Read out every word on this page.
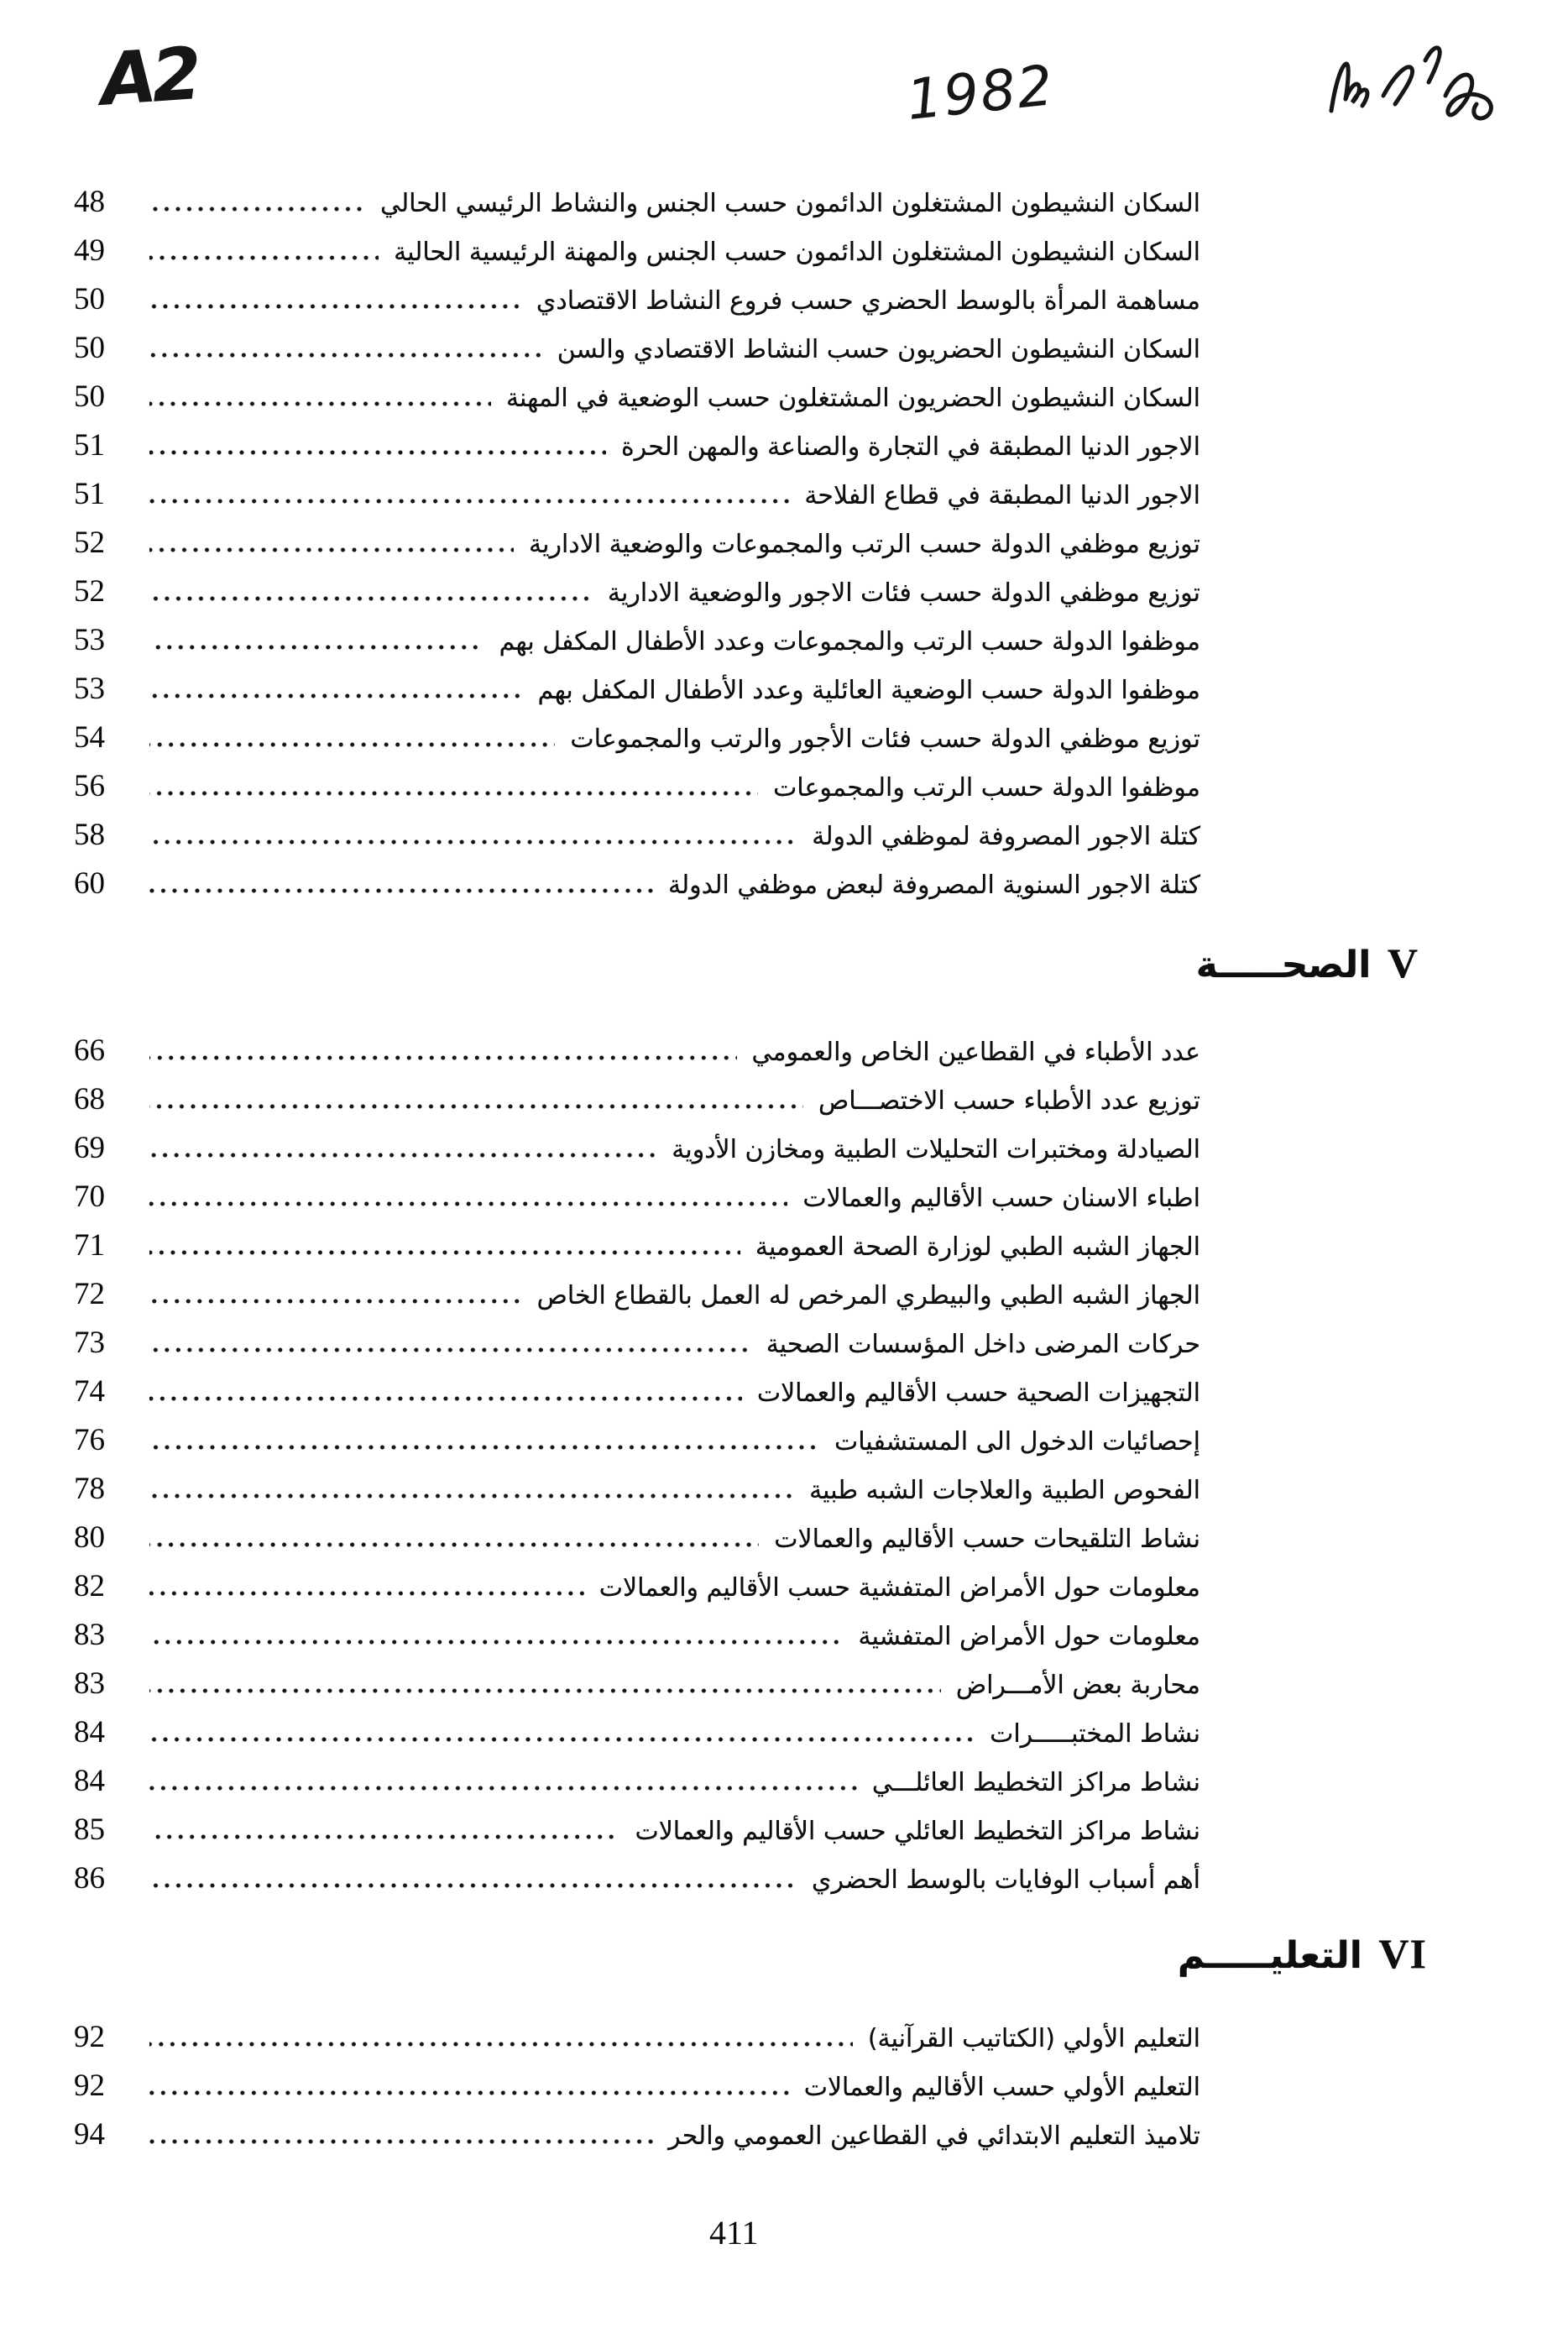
A2	1982
السكان النشيطون المشتغلون الدائمون حسب الجنس والنشاط الرئيسي الحالي
48
السكان النشيطون المشتغلون الدائمون حسب الجنس والمهنة الرئيسية الحالية
49
مساهمة المرأة بالوسط الحضري حسب فروع النشاط الاقتصادي
50
السكان النشيطون الحضريون حسب النشاط الاقتصادي والسن
50
السكان النشيطون الحضريون المشتغلون حسب الوضعية في المهنة
50
الاجور الدنيا المطبقة في التجارة والصناعة والمهن الحرة
51
الاجور الدنيا المطبقة في قطاع الفلاحة
51
توزيع موظفي الدولة حسب الرتب والمجموعات والوضعية الادارية
52
توزيع موظفي الدولة حسب فئات الاجور والوضعية الادارية
52
موظفوا الدولة حسب الرتب والمجموعات وعدد الأطفال المكفل بهم
53
موظفوا الدولة حسب الوضعية العائلية وعدد الأطفال المكفل بهم
53
توزيع موظفي الدولة حسب فئات الأجور والرتب والمجموعات
54
موظفوا الدولة حسب الرتب والمجموعات
56
كتلة الاجور المصروفة لموظفي الدولة
58
كتلة الاجور السنوية المصروفة لبعض موظفي الدولة
60
عدد الأطباء في القطاعين الخاص والعمومي
66
توزيع عدد الأطباء حسب الاختصـــاص
68
الصيادلة ومختبرات التحليلات الطبية ومخازن الأدوية
69
اطباء الاسنان حسب الأقاليم والعمالات
70
الجهاز الشبه الطبي لوزارة الصحة العمومية
71
الجهاز الشبه الطبي والبيطري المرخص له العمل بالقطاع الخاص
72
حركات المرضى داخل المؤسسات الصحية
73
التجهيزات الصحية حسب الأقاليم والعمالات
74
إحصائيات الدخول الى المستشفيات
76
الفحوص الطبية والعلاجات الشبه طبية
78
نشاط التلقيحات حسب الأقاليم والعمالات
80
معلومات حول الأمراض المتفشية حسب الأقاليم والعمالات
82
معلومات حول الأمراض المتفشية
83
محاربة بعض الأمـــراض
83
نشاط المختبـــــرات
84
نشاط مراكز التخطيط العائلـــي
84
نشاط مراكز التخطيط العائلي حسب الأقاليم والعمالات
85
أهم أسباب الوفايات بالوسط الحضري
86
التعليم الأولي (الكتاتيب القرآنية)
92
التعليم الأولي حسب الأقاليم والعمالات
92
تلاميذ التعليم الابتدائي في القطاعين العمومي والحر
94
V الصحـــــة
VI التعليـــــم
411
